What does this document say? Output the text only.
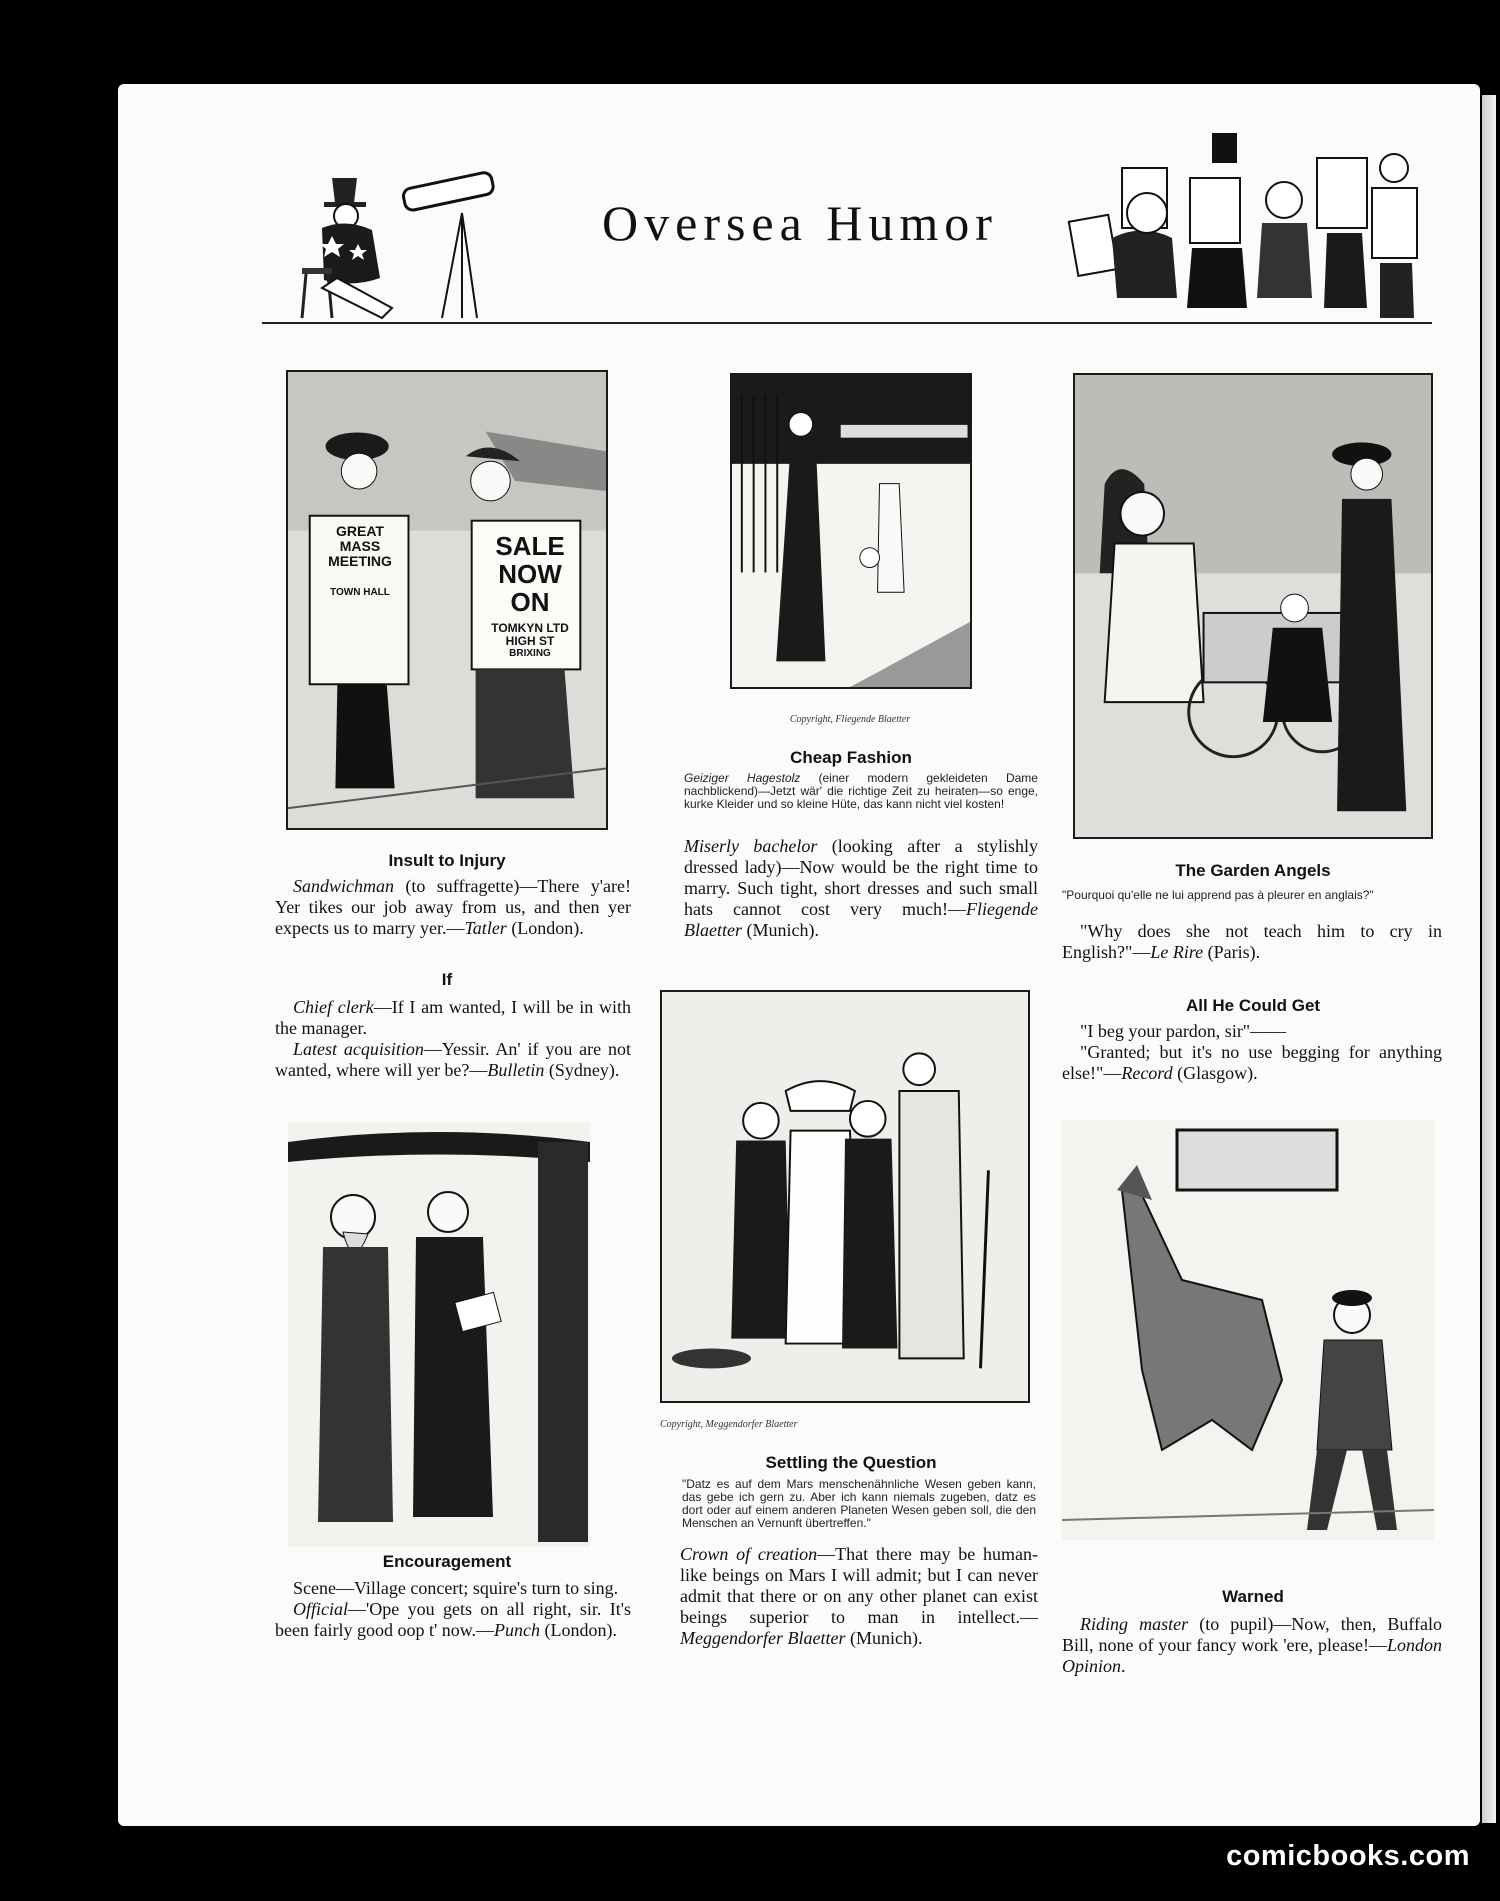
Oversea Humor
GREAT
MASS
MEETING
TOWN HALL
SALE
NOW
ON
TOMKYN LTD
HIGH ST
BRIXING
Insult to Injury

Sandwichman (to suffragette)—There y'are! Yer tikes our job away from us, and then yer expects us to marry yer.—Tatler (London).

If

Chief clerk—If I am wanted, I will be in with the manager.

Latest acquisition—Yessir. An' if you are not wanted, where will yer be?—Bulletin (Sydney).

Encouragement

Scene—Village concert; squire's turn to sing.

Official—'Ope you gets on all right, sir. It's been fairly good oop t' now.—Punch (London).

Copyright, Fliegende Blaetter
Cheap Fashion
Geiziger Hagestolz (einer modern gekleideten Dame nachblickend)—Jetzt wär' die richtige Zeit zu heiraten—so enge, kurke Kleider und so kleine Hüte, das kann nicht viel kosten!

Miserly bachelor (looking after a stylishly dressed lady)—Now would be the right time to marry. Such tight, short dresses and such small hats cannot cost very much!—Fliegende Blaetter (Munich).

Copyright, Meggendorfer Blaetter
Settling the Question
"Datz es auf dem Mars menschenähnliche Wesen geben kann, das gebe ich gern zu. Aber ich kann niemals zugeben, datz es dort oder auf einem anderen Planeten Wesen geben soll, die den Menschen an Vernunft übertreffen."

Crown of creation—That there may be human-like beings on Mars I will admit; but I can never admit that there or on any other planet can exist beings superior to man in intellect.—Meggendorfer Blaetter (Munich).

The Garden Angels
"Pourquoi qu'elle ne lui apprend pas à pleurer en anglais?"

"Why does she not teach him to cry in English?"—Le Rire (Paris).

All He Could Get

"I beg your pardon, sir"——

"Granted; but it's no use begging for anything else!"—Record (Glasgow).

Warned

Riding master (to pupil)—Now, then, Buffalo Bill, none of your fancy work 'ere, please!—London Opinion.

comicbooks.com
